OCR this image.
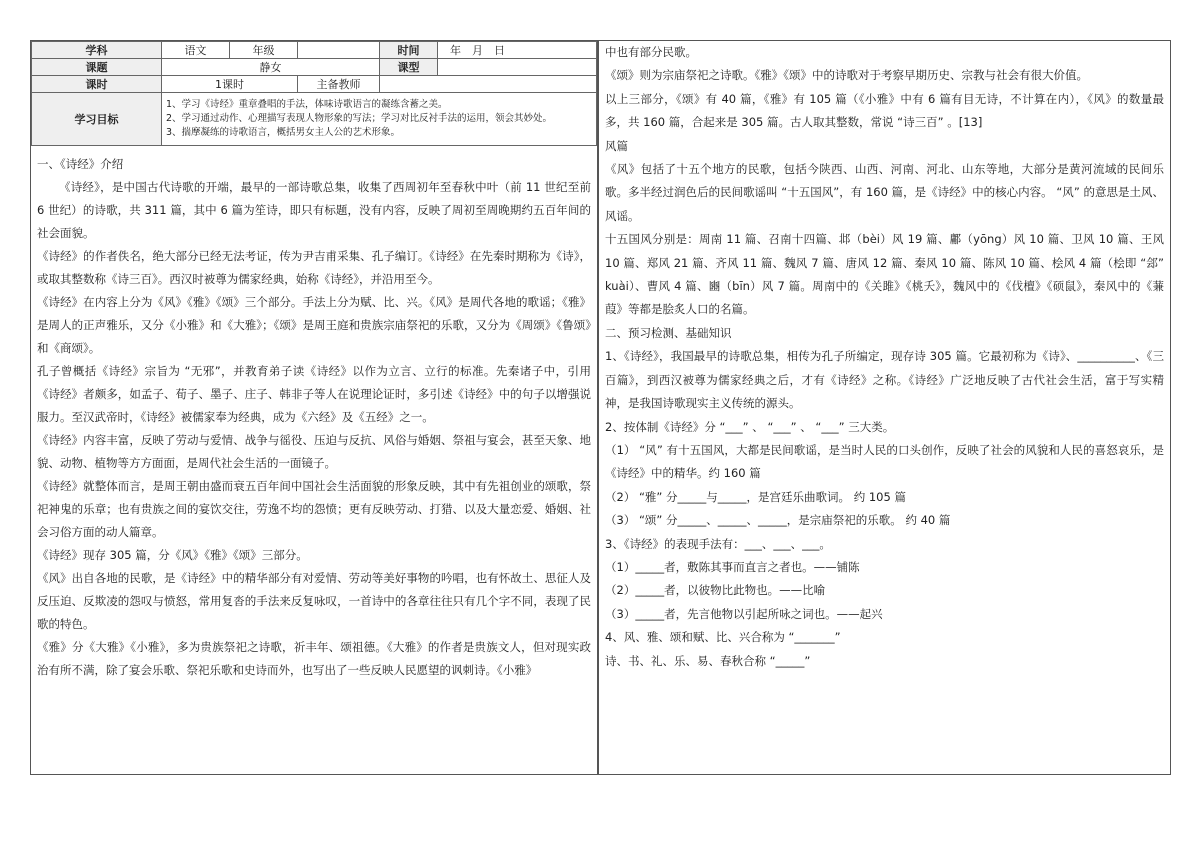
学科	语文	年级		时间	年　月　日
课题	静女			课型	
课时	1课时		主备教师		
学习目标	1、学习《诗经》重章叠唱的手法，体味诗歌语言的凝练含蓄之美。
2、学习通过动作、心理描写表现人物形象的写法；学习对比反衬手法的运用，领会其妙处。
3、揣摩凝练的诗歌语言，概括男女主人公的艺术形象。				

一、《诗经》介绍

《诗经》，是中国古代诗歌的开端，最早的一部诗歌总集，收集了西周初年至春秋中叶（前 11 世纪至前 6 世纪）的诗歌，共 311 篇，其中 6 篇为笙诗，即只有标题，没有内容，反映了周初至周晚期约五百年间的社会面貌。

《诗经》的作者佚名，绝大部分已经无法考证，传为尹吉甫采集、孔子编订。《诗经》在先秦时期称为《诗》，或取其整数称《诗三百》。西汉时被尊为儒家经典，始称《诗经》，并沿用至今。

《诗经》在内容上分为《风》《雅》《颂》三个部分。手法上分为赋、比、兴。《风》是周代各地的歌谣；《雅》是周人的正声雅乐，又分《小雅》和《大雅》；《颂》是周王庭和贵族宗庙祭祀的乐歌，又分为《周颂》《鲁颂》和《商颂》。

孔子曾概括《诗经》宗旨为 “无邪”，并教育弟子读《诗经》以作为立言、立行的标准。先秦诸子中，引用《诗经》者颇多，如孟子、荀子、墨子、庄子、韩非子等人在说理论证时，多引述《诗经》中的句子以增强说服力。至汉武帝时，《诗经》被儒家奉为经典，成为《六经》及《五经》之一。

《诗经》内容丰富，反映了劳动与爱情、战争与徭役、压迫与反抗、风俗与婚姻、祭祖与宴会，甚至天象、地貌、动物、植物等方方面面，是周代社会生活的一面镜子。

《诗经》就整体而言，是周王朝由盛而衰五百年间中国社会生活面貌的形象反映，其中有先祖创业的颂歌，祭祀神鬼的乐章；也有贵族之间的宴饮交往，劳逸不均的怨愤；更有反映劳动、打猎、以及大量恋爱、婚姻、社会习俗方面的动人篇章。

《诗经》现存 305 篇，分《风》《雅》《颂》三部分。

《风》出自各地的民歌，是《诗经》中的精华部分有对爱情、劳动等美好事物的吟唱，也有怀故土、思征人及反压迫、反欺凌的怨叹与愤怒，常用复沓的手法来反复咏叹，一首诗中的各章往往只有几个字不同，表现了民歌的特色。

《雅》分《大雅》《小雅》，多为贵族祭祀之诗歌，祈丰年、颂祖德。《大雅》的作者是贵族文人，但对现实政治有所不满，除了宴会乐歌、祭祀乐歌和史诗而外，也写出了一些反映人民愿望的讽刺诗。《小雅》

中也有部分民歌。

《颂》则为宗庙祭祀之诗歌。《雅》《颂》中的诗歌对于考察早期历史、宗教与社会有很大价值。

以上三部分，《颂》有 40 篇，《雅》有 105 篇（《小雅》中有 6 篇有目无诗，不计算在内），《风》的数量最多，共 160 篇，合起来是 305 篇。古人取其整数，常说 “诗三百” 。[13]

风篇

《风》包括了十五个地方的民歌，包括今陕西、山西、河南、河北、山东等地，大部分是黄河流域的民间乐歌。多半经过润色后的民间歌谣叫 “十五国风”，有 160 篇，是《诗经》中的核心内容。 “风” 的意思是土风、风谣。

十五国风分别是：周南 11 篇、召南十四篇、邶（bèi）风 19 篇、鄘（yōng）风 10 篇、卫风 10 篇、王风 10 篇、郑风 21 篇、齐风 11 篇、魏风 7 篇、唐风 12 篇、秦风 10 篇、陈风 10 篇、桧风 4 篇（桧即 “郐” kuài）、曹风 4 篇、豳（bīn）风 7 篇。周南中的《关雎》《桃夭》，魏风中的《伐檀》《硕鼠》，秦风中的《蒹葭》等都是脍炙人口的名篇。

二、预习检测、基础知识

1、《诗经》，我国最早的诗歌总集，相传为孔子所编定，现存诗 305 篇。它最初称为《诗》、__________、《三百篇》，到西汉被尊为儒家经典之后，才有《诗经》之称。《诗经》广泛地反映了古代社会生活，富于写实精神，是我国诗歌现实主义传统的源头。

2、按体制《诗经》分 “___” 、 “___” 、 “___” 三大类。

（1） “风” 有十五国风，大都是民间歌谣，是当时人民的口头创作，反映了社会的风貌和人民的喜怒哀乐，是《诗经》中的精华。约 160 篇

（2） “雅” 分_____与_____，是宫廷乐曲歌词。 约 105 篇

（3） “颂” 分_____、_____、_____，是宗庙祭祀的乐歌。 约 40 篇

3、《诗经》的表现手法有：___、___、___。

（1）_____者，敷陈其事而直言之者也。——铺陈

（2）_____者，以彼物比此物也。——比喻

（3）_____者，先言他物以引起所咏之词也。——起兴

4、风、雅、颂和赋、比、兴合称为 “_______”

诗、书、礼、乐、易、春秋合称 “_____”
